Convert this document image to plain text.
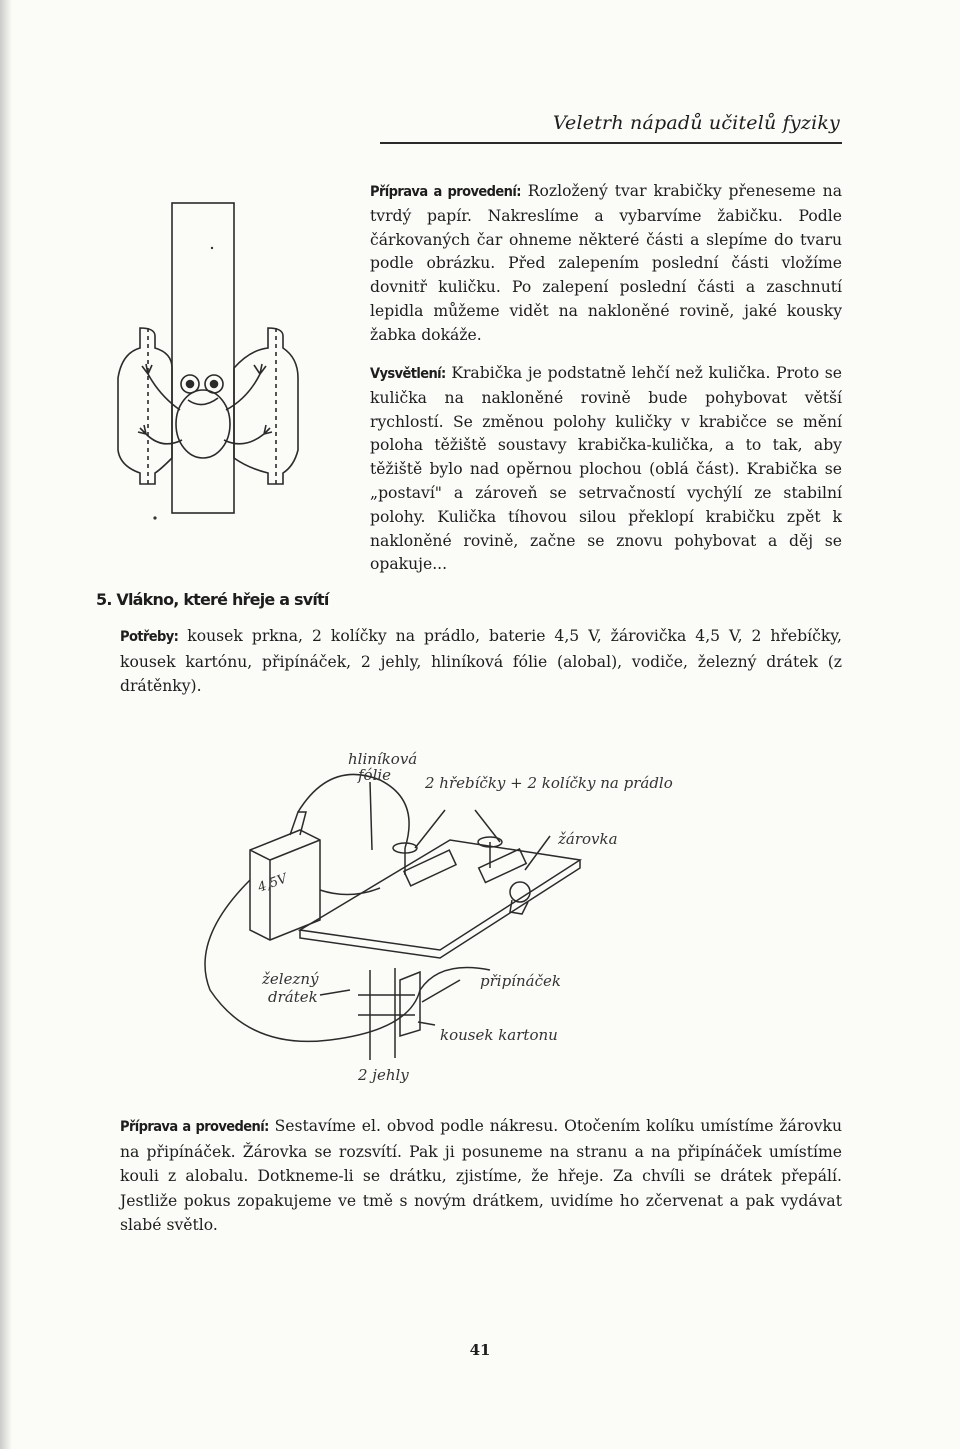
Veletrh nápadů učitelů fyziky

Příprava a provedení: Rozložený tvar krabičky přeneseme na tvrdý papír. Nakreslíme a vybarvíme žabičku. Podle čárkovaných čar ohneme některé části a slepíme do tvaru podle obrázku. Před zalepením poslední části vložíme dovnitř kuličku. Po zalepení poslední části a zaschnutí lepidla můžeme vidět na nakloněné rovině, jaké kousky žabka dokáže.

Vysvětlení: Krabička je podstatně lehčí než kulička. Proto se kulička na nakloněné rovině bude pohybovat větší rychlostí. Se změnou polohy kuličky v krabičce se mění poloha těžiště soustavy krabička-kulička, a to tak, aby těžiště bylo nad opěrnou plochou (oblá část). Krabička se „postaví" a zároveň se setrvačností vychýlí ze stabilní polohy. Kulička tíhovou silou překlopí krabičku zpět k nakloněné rovině, začne se znovu pohybovat a děj se opakuje...

5. Vlákno, které hřeje a svítí

Potřeby: kousek prkna, 2 kolíčky na prádlo, baterie 4,5 V, žárovička 4,5 V, 2 hřebíčky, kousek kartónu, připínáček, 2 jehly, hliníková fólie (alobal), vodiče, železný drátek (z drátěnky).

hliníková
fólie 2 hřebíčky + 2 kolíčky na prádlo
žárovka
4,5V
železný
drátek
připínáček
kousek kartonu
2 jehly

Příprava a provedení: Sestavíme el. obvod podle nákresu. Otočením kolíku umístíme žárovku na připínáček. Žárovka se rozsvítí. Pak ji posuneme na stranu a na připínáček umístíme kouli z alobalu. Dotkneme-li se drátku, zjistíme, že hřeje. Za chvíli se drátek přepálí. Jestliže pokus zopakujeme ve tmě s novým drátkem, uvidíme ho zčervenat a pak vydávat slabé světlo.

41
